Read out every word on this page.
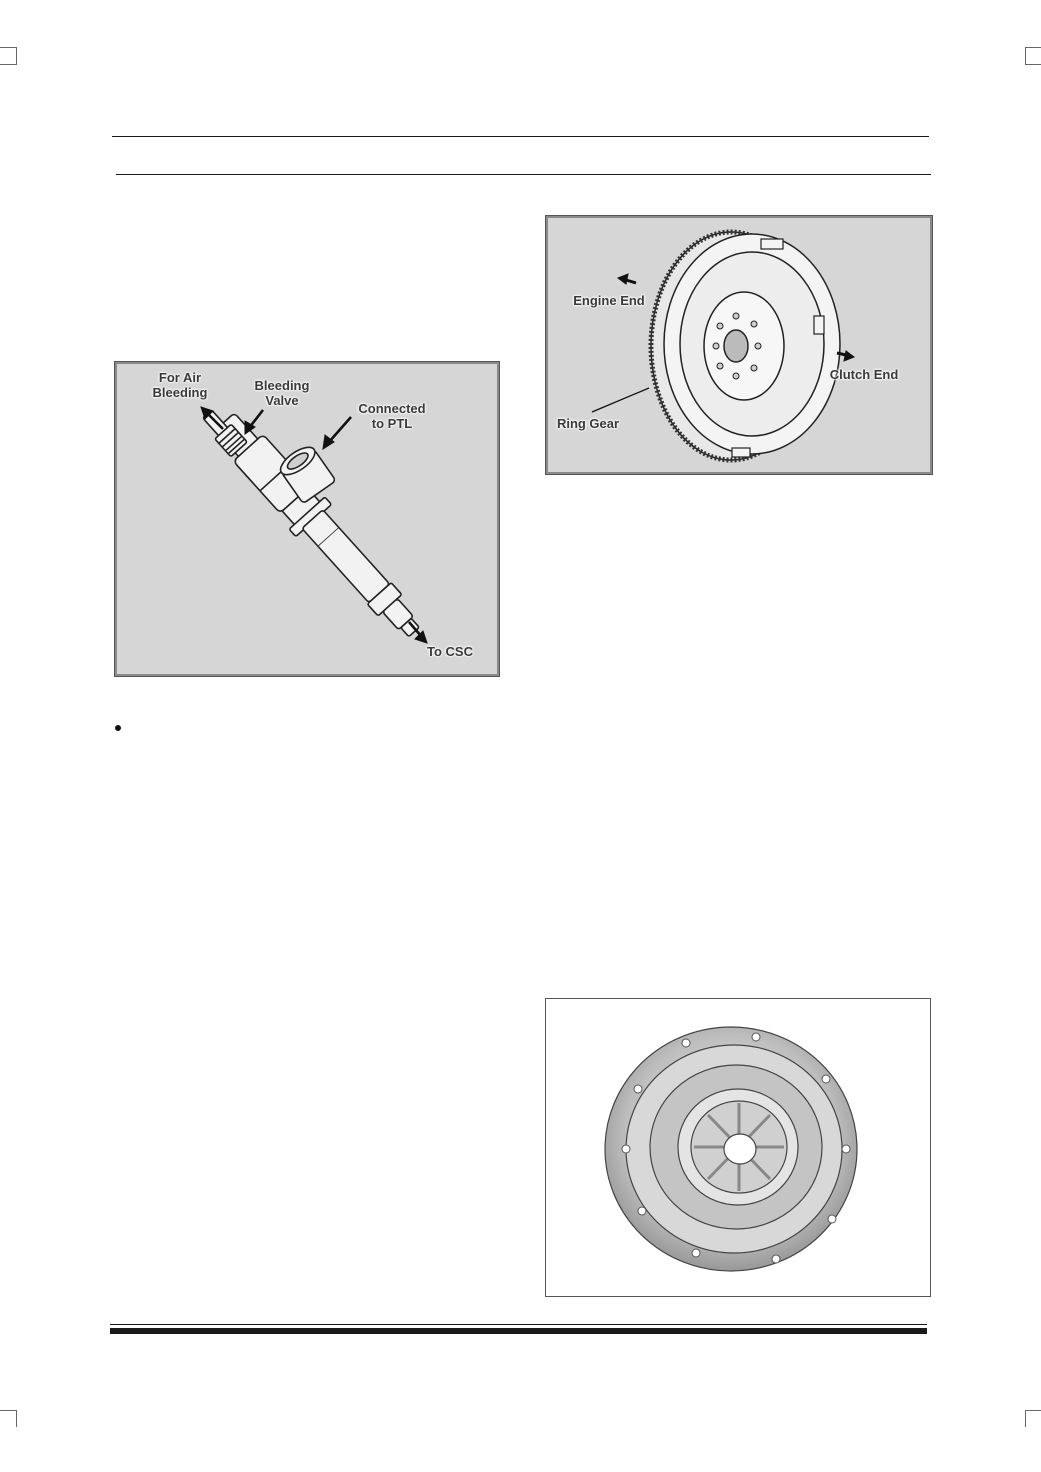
For Air
Bleeding	Bleeding
Valve
Connected
to PTL
To CSC
Engine End
Clutch End
Ring Gear
